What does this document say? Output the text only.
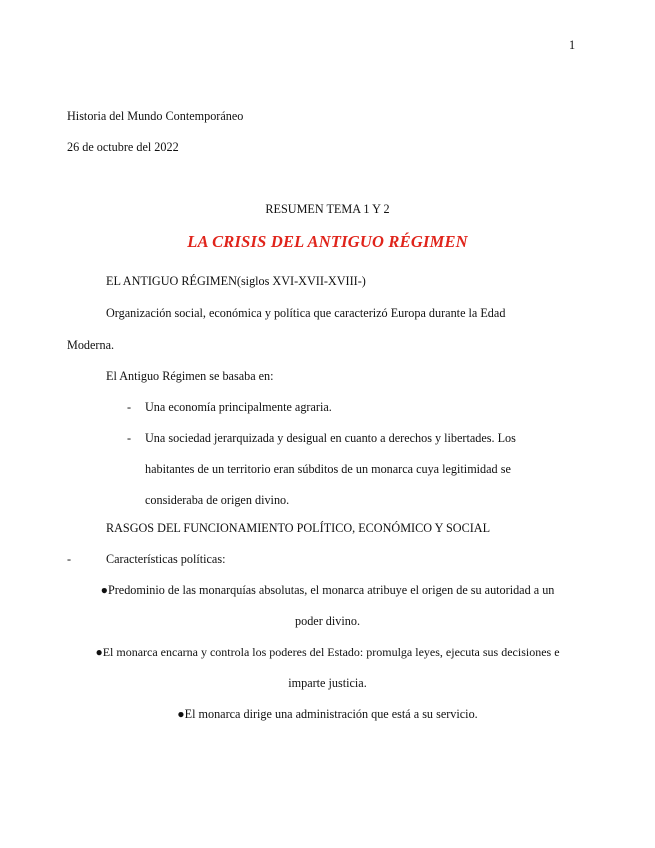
1
Historia del Mundo Contemporáneo
26 de octubre del 2022
RESUMEN TEMA 1 Y 2
LA CRISIS DEL ANTIGUO RÉGIMEN
EL ANTIGUO RÉGIMEN(siglos XVI-XVII-XVIII-)
Organización social, económica y política que caracterizó Europa durante la Edad
Moderna.
El Antiguo Régimen se basaba en:
- Una economía principalmente agraria.
- Una sociedad jerarquizada y desigual en cuanto a derechos y libertades. Los
habitantes de un territorio eran súbditos de un monarca cuya legitimidad se
consideraba de origen divino.
RASGOS DEL FUNCIONAMIENTO POLÍTICO, ECONÓMICO Y SOCIAL
-	Características políticas:
●Predominio de las monarquías absolutas, el monarca atribuye el origen de su autoridad a un
poder divino.
●El monarca encarna y controla los poderes del Estado: promulga leyes, ejecuta sus decisiones e
imparte justicia.
●El monarca dirige una administración que está a su servicio.
